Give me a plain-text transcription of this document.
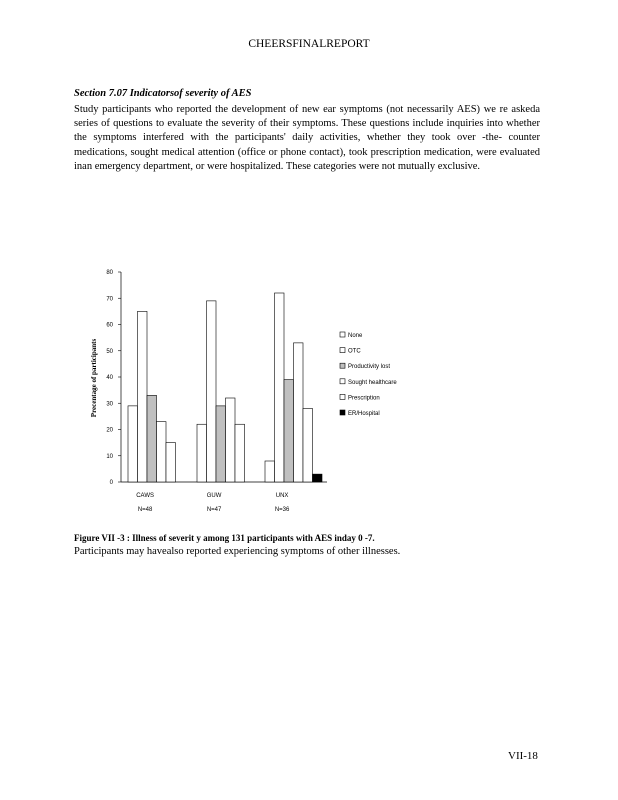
CHEERSFINALREPORT
Section 7.07 Indicatorsof severity of AES
Study participants who reported the development of new ear symptoms (not necessarily AES) we re askeda series of questions to evaluate the severity of their symptoms. These questions include inquiries into whether the symptoms interfered with the participants' daily activities, whether they took over -the- counter medications, sought medical attention (office or phone contact), took prescription medication, were evaluated inan emergency department, or were hospitalized. These categories were not mutually exclusive.
0
10
20
30
40
50
60
70
80
Precentage of participants
CAWS
N=48
GUW
N=47
UNX
N=36
None
OTC
Productivity lost
Sought healthcare
Prescription
ER/Hospital
Figure VII -3 : Illness of severit y among 131 participants with AES inday 0 -7.
Participants may havealso reported experiencing symptoms of other illnesses.
VII-18
